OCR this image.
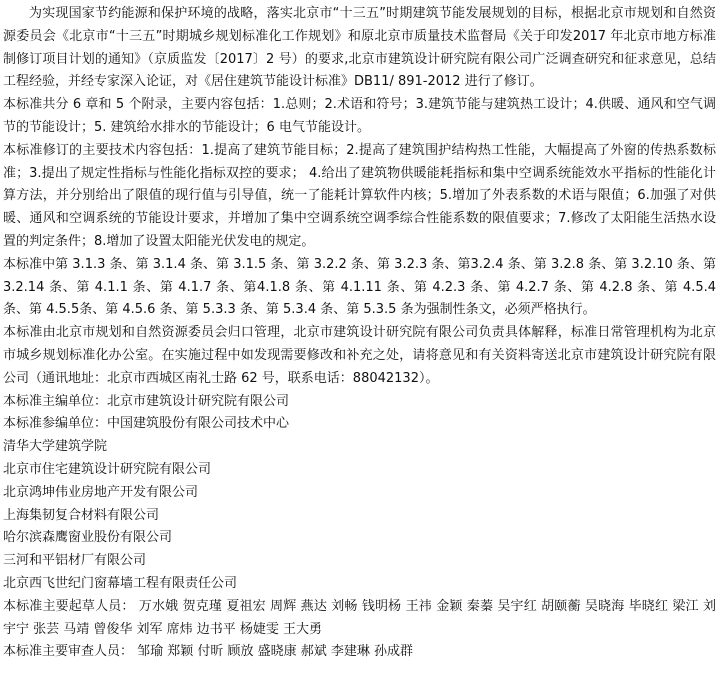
为实现国家节约能源和保护环境的战略，落实北京市“十三五”时期建筑节能发展规划的目标，根据北京市规划和自然资源委员会《北京市“十三五”时期城乡规划标准化工作规划》和原北京市质量技术监督局《关于印发2017 年北京市地方标准制修订项目计划的通知》（京质监发〔2017〕2 号）的要求,北京市建筑设计研究院有限公司广泛调查研究和征求意见，总结工程经验，并经专家深入论证，对《居住建筑节能设计标准》DB11/ 891-2012 进行了修订。

本标准共分 6 章和 5 个附录，主要内容包括：1.总则；2.术语和符号；3.建筑节能与建筑热工设计；4.供暖、通风和空气调节的节能设计；5. 建筑给水排水的节能设计；6 电气节能设计。

本标准修订的主要技术内容包括：1.提高了建筑节能目标；2.提高了建筑围护结构热工性能，大幅提高了外窗的传热系数标准；3.提出了规定性指标与性能化指标双控的要求； 4.给出了建筑物供暖能耗指标和集中空调系统能效水平指标的性能化计算方法，并分别给出了限值的现行值与引导值，统一了能耗计算软件内核；5.增加了外表系数的术语与限值；6.加强了对供暖、通风和空调系统的节能设计要求，并增加了集中空调系统空调季综合性能系数的限值要求；7.修改了太阳能生活热水设置的判定条件；8.增加了设置太阳能光伏发电的规定。

本标准中第 3.1.3 条、第 3.1.4 条、第 3.1.5 条、第 3.2.2 条、第 3.2.3 条、第3.2.4 条、第 3.2.8 条、第 3.2.10 条、第 3.2.14 条、第 4.1.1 条、第 4.1.7 条、第4.1.8 条、第 4.1.11 条、第 4.2.3 条、第 4.2.7 条、第 4.2.8 条、第 4.5.4 条、第 4.5.5条、第 4.5.6 条、第 5.3.3 条、第 5.3.4 条、第 5.3.5 条为强制性条文，必须严格执行。

本标准由北京市规划和自然资源委员会归口管理，北京市建筑设计研究院有限公司负责具体解释，标准日常管理机构为北京市城乡规划标准化办公室。在实施过程中如发现需要修改和补充之处，请将意见和有关资料寄送北京市建筑设计研究院有限公司（通讯地址：北京市西城区南礼士路 62 号，联系电话：88042132）。

本标准主编单位：北京市建筑设计研究院有限公司

本标准参编单位：中国建筑股份有限公司技术中心

清华大学建筑学院

北京市住宅建筑设计研究院有限公司

北京鸿坤伟业房地产开发有限公司

上海集韧复合材料有限公司

哈尔滨森鹰窗业股份有限公司

三河和平铝材厂有限公司

北京西飞世纪门窗幕墙工程有限责任公司

本标准主要起草人员： 万水娥 贺克瑾 夏祖宏 周辉 燕达 刘畅 钱明杨 王祎 金颖 秦蓁 吴宇红 胡颐蘅 吴晓海 毕晓红 梁江 刘宇宁 张芸 马靖 曾俊华 刘军 席炜 边书平 杨婕雯 王大勇

本标准主要审查人员： 邹瑜 郑颖 付昕 顾放 盛晓康 郝斌 李建琳 孙成群
